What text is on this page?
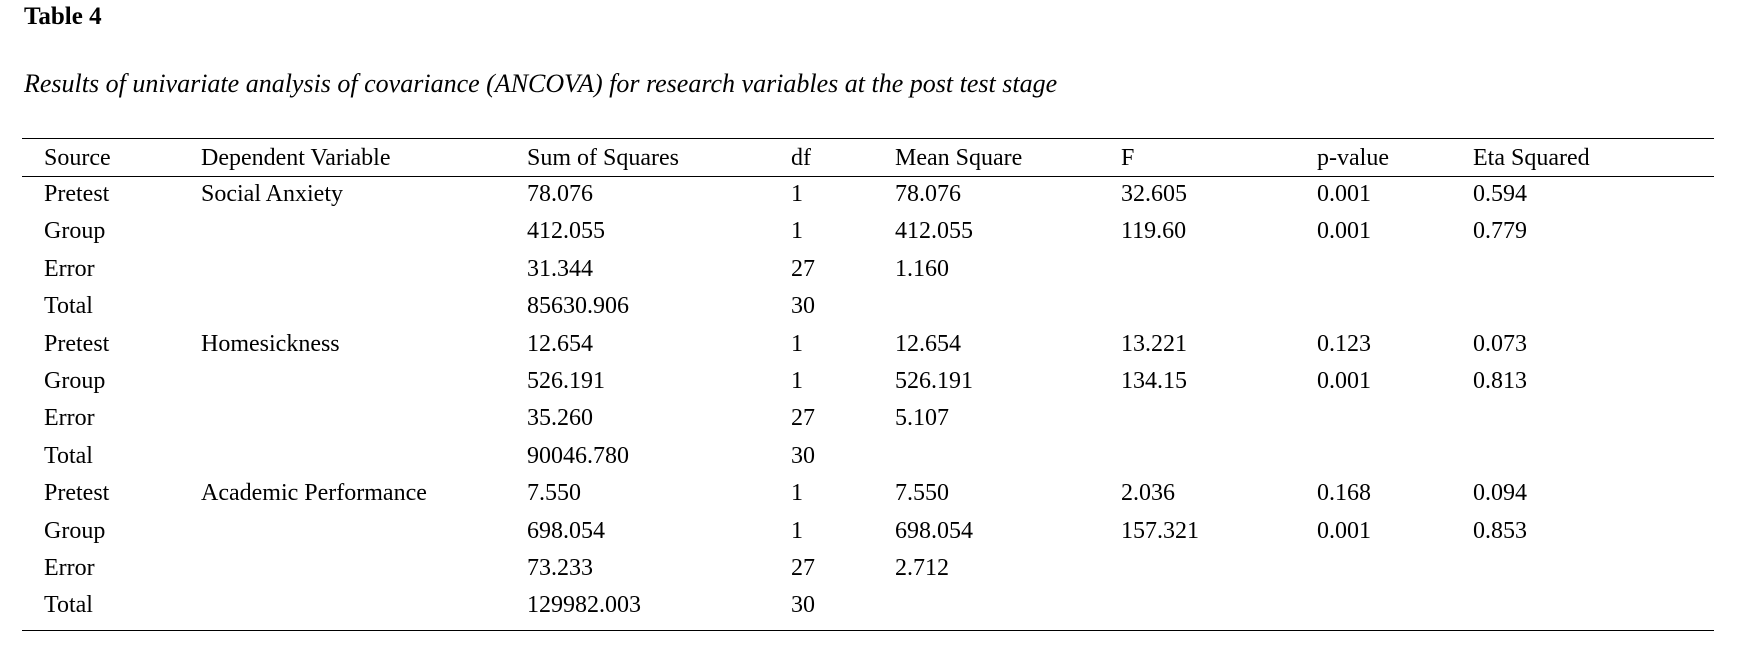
Table 4
Results of univariate analysis of covariance (ANCOVA) for research variables at the post test stage
Source	Dependent Variable	Sum of Squares	df	Mean Square	F	p-value	Eta Squared
Pretest	Social Anxiety	78.076	1	78.076	32.605	0.001	0.594
Group		412.055	1	412.055	119.60	0.001	0.779
Error		31.344	27	1.160			
Total		85630.906	30				
Pretest	Homesickness	12.654	1	12.654	13.221	0.123	0.073
Group		526.191	1	526.191	134.15	0.001	0.813
Error		35.260	27	5.107			
Total		90046.780	30				
Pretest	Academic Performance	7.550	1	7.550	2.036	0.168	0.094
Group		698.054	1	698.054	157.321	0.001	0.853
Error		73.233	27	2.712			
Total		129982.003	30				
